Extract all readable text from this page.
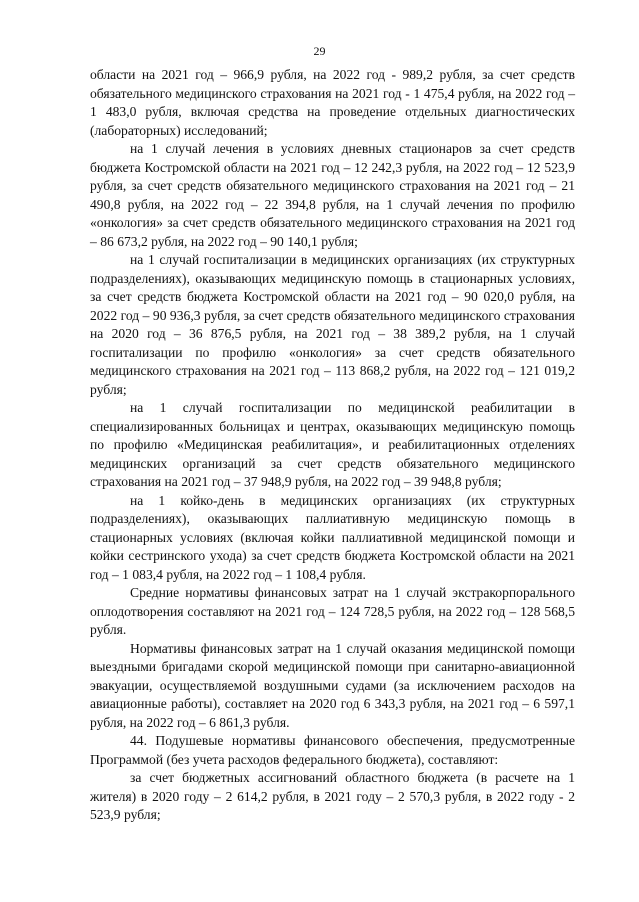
29

области на 2021 год – 966,9 рубля, на 2022 год - 989,2 рубля, за счет средств обязательного медицинского страхования на 2021 год - 1 475,4 рубля, на 2022 год – 1 483,0 рубля, включая средства на проведение отдельных диагностических (лабораторных) исследований;

на 1 случай лечения в условиях дневных стационаров за счет средств бюджета Костромской области на 2021 год – 12 242,3 рубля, на 2022 год – 12 523,9 рубля, за счет средств обязательного медицинского страхования на 2021 год – 21 490,8 рубля, на 2022 год – 22 394,8 рубля, на 1 случай лечения по профилю «онкология» за счет средств обязательного медицинского страхования на 2021 год – 86 673,2 рубля, на 2022 год – 90 140,1 рубля;

на 1 случай госпитализации в медицинских организациях (их структурных подразделениях), оказывающих медицинскую помощь в стационарных условиях, за счет средств бюджета Костромской области на 2021 год – 90 020,0 рубля, на 2022 год – 90 936,3 рубля, за счет средств обязательного медицинского страхования на 2020 год – 36 876,5 рубля, на 2021 год – 38 389,2 рубля, на 1 случай госпитализации по профилю «онкология» за счет средств обязательного медицинского страхования на 2021 год – 113 868,2 рубля, на 2022 год – 121 019,2 рубля;

на 1 случай госпитализации по медицинской реабилитации в специализированных больницах и центрах, оказывающих медицинскую помощь по профилю «Медицинская реабилитация», и реабилитационных отделениях медицинских организаций за счет средств обязательного медицинского страхования на 2021 год – 37 948,9 рубля, на 2022 год – 39 948,8 рубля;

на 1 койко-день в медицинских организациях (их структурных подразделениях), оказывающих паллиативную медицинскую помощь в стационарных условиях (включая койки паллиативной медицинской помощи и койки сестринского ухода) за счет средств бюджета Костромской области на 2021 год – 1 083,4 рубля, на 2022 год – 1 108,4 рубля.

Средние нормативы финансовых затрат на 1 случай экстракорпорального оплодотворения составляют на 2021 год – 124 728,5 рубля, на 2022 год – 128 568,5 рубля.

Нормативы финансовых затрат на 1 случай оказания медицинской помощи выездными бригадами скорой медицинской помощи при санитарно-авиационной эвакуации, осуществляемой воздушными судами (за исключением расходов на авиационные работы), составляет на 2020 год 6 343,3 рубля, на 2021 год – 6 597,1 рубля, на 2022 год – 6 861,3 рубля.

44. Подушевые нормативы финансового обеспечения, предусмотренные Программой (без учета расходов федерального бюджета), составляют:

за счет бюджетных ассигнований областного бюджета (в расчете на 1 жителя) в 2020 году – 2 614,2 рубля, в 2021 году – 2 570,3 рубля, в 2022 году - 2 523,9 рубля;
